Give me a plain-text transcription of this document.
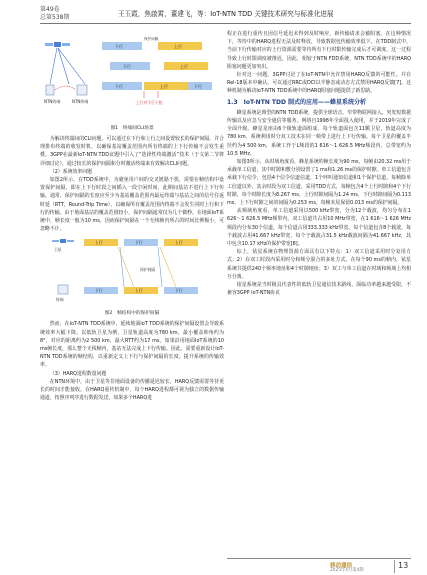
第49卷
总第538期	王玉霞，焦啟霄，董建飞，等：IoT-NTN TDD 关键技术研究与标准化进展
NTN终端	NTN终端
下行
保护间隔
上行
下行	上行
下行	上行	下行
上行对下行干扰
图1　终端间CLI场景

为解决终端间的CLI问题，可以通过在下行和上行之间设置较长的保护间隔，并合理排布终端的收发时机，以确保基站覆盖范围内所有终端的上下行传输不会发生重叠。3GPP在最新IoT-NTN TDD议题中引入了“选择性终端激活”技术（于文第二节将详细讨论），通过较长的保护间隔和分时激活终端来有效解决CLI问题。

（2）系统效率问题

如图2所示，在TDD系统中，为避免用户间的交叉链路干扰，需要在帧结构中设置保护间隔，即在上下行时段之间插入一段空闲时间，此期间基站不进行上下行传输。通常，保护间隔的长度应至少为基站覆盖范围内最远终端与基站之间的信号往返时延（RTT，Round-Trip Time），以确保所有覆盖范围内终端不会发生同时上行和下行的传输。由于地面基站的覆盖范围较小，保护间隔通常仅为几个微秒。在地面IoT系统中，帧长度一般为10 ms，因而保护间隔在一个无线帧内所占的时间比例极小，可忽略不计。

卫星
上行	下行	上行
保护间隔
下行	上行	下行
终端
图2　帧结构中的保护间隔

然而，在IoT-NTN TDD系统中，延续地面IoT TDD系统的保护间隔设置会导致系统效率大幅下降。以低轨卫星为例，卫星轨道高度为780 km，最小覆盖仰角约为8°，对应的距离约为2 500 km，最大RTT约为17 ms。如果沿用地面IoT系统的10 ms帧长度，那么整个无线帧内，基站无法完成上下行传输。因此，需要重新设计IoT-NTN TDD系统的帧结构，以重新定义上下行与保护间隔的长度，提升系统的传输效率。

（3）HARQ进程数量问题

在NTN环境中，由于卫星等非地面设备的传播延迟较长，HARQ反馈需要等待更长的时间才能接收。在HARQ重传机制中，每个HARQ进程都可视为独立的数据传输通道，按照序列序进行数据发送。如果多个HARQ进

程正在进行重传且因信号延迟未得到及时响应，新传输请求会被阻塞。在这种情况下，等待中的HARQ进程无法及时释放，导致数据包传输效率低下。在TDD制式中，当前下行传输对应的上行资源需要等待所有下行时限传输完成后才可调度，这一过程导致上行时限调度被推迟，因此，相较于NTN FDD系统，NTN TDD系统中的HARQ阻塞问题更加突出。

针对这一问题，3GPP讨论了在IoT-NTN中允许禁用HARQ反馈的可能性。并在Rel-18版本中确认，可以通过RRC或DCI以半静态或动态方式禁用HARQ反馈[7]。这种机制为解决IoT-NTN TDD系统中的HARQ阻塞问题提供了新思路。

1.3　IoT-NTN TDD 制式的应用——蜂星系统分析

蜂星系统是典型的NTN TDD系统，提供全球语音、窄带物联网接入、突发短数据传输以及应急与安全通信等服务。网络自1998年全面投入使用，并于2019年完成了全面升级。蜂星星座由6个极轨道面组成，每个轨道面包含11颗卫星，轨道高度为780 km，系统利用时分双工技术在同一频带上进行上下行传输。每个卫星的覆盖半径约为4 500 km，系统工作于L频段的1 616～1 626.5 MHz频段内，总带宽约为10.5 MHz。

如图3所示，从时域角度看，蜂星系统的帧长度为90 ms，每帧由20.32 ms用于承载单工信道，其中时隙和敷分别设置了1 ms和1.26 ms的保护时隙。单工信道包含承载下行信令，包括4个信令信道信道，1个呼叫通知信道和1个保护信道。每帧除单工信道以外，其余时段为双工信道，采用TDD方式，每帧包含4个上行时隙和4个下行时隙，每个时隙长度为8.267 ms，上行时隙间隔为1.24 ms，下行时隙间隔为0.113 ms，上下行时隙之间的间隔为0.253 ms，每帧末尾保留0.013 ms的保护间隔。

从频域角度看，单工信道采用以500 kHz带宽，分为12个载波，均匀分布在1 626～1 626.5 MHz频带内。双工信道共占用10 MHz带宽，在1 616～1 626 MHz频段内分布30个信道，每个信道占用333.333 kHz带宽。每个信道包含8个载波，每个载波占用41.667 kHz带宽，每个子载波占31.5 kHz载波间隔为41.667 kHz，其中包含10.17 kHz的保护带宽[8]。

综上，铱星系统在物理资源方面具有以下特点：1）双工信道采用时分复用方式；2）在双工时段内采用时分和频分混合的多址方式，在每个90 ms的帧内，铱星系统共提供240个频率地址和4个时隙地址；3）双工与单工信道在时域和频域上均相互分离。

铱星系统是当时极具代表性的低轨卫星通信技术路线，面临功率越来越受限，不兼容3GPP IoT-NTN协议

移动通信
2025年4月第4期
13
